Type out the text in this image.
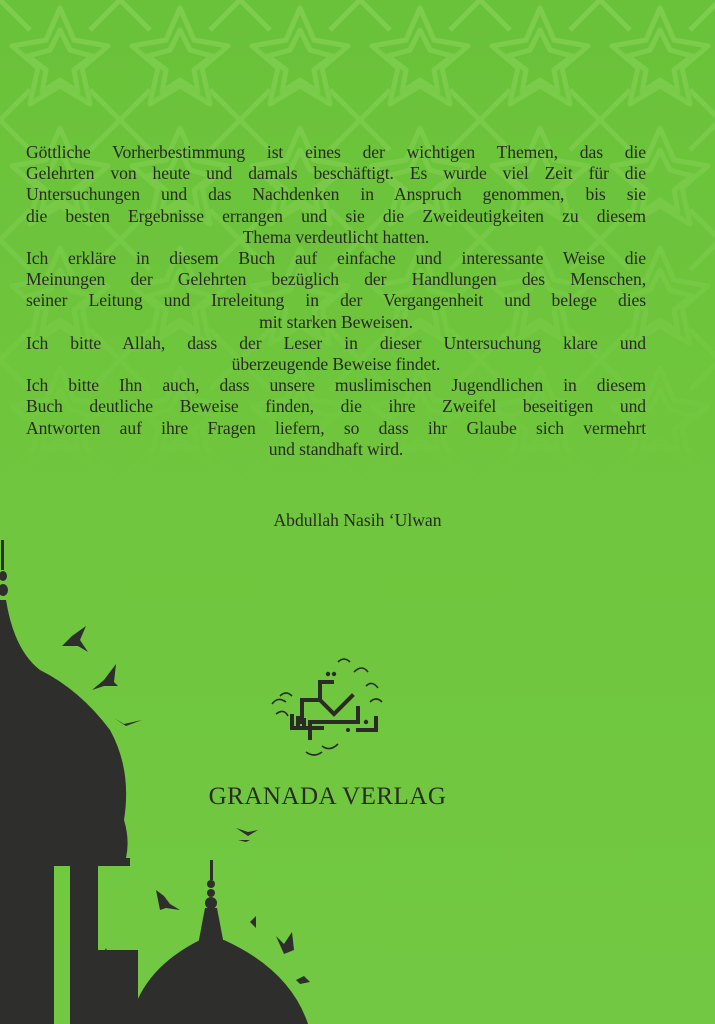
Göttliche Vorherbestimmung ist eines der wichtigen Themen, das die
Gelehrten von heute und damals beschäftigt. Es wurde viel Zeit für die
Untersuchungen und das Nachdenken in Anspruch genommen, bis sie
die besten Ergebnisse errangen und sie die Zweideutigkeiten zu diesem
Thema verdeutlicht hatten.

Ich erkläre in diesem Buch auf einfache und interessante Weise die
Meinungen der Gelehrten bezüglich der Handlungen des Menschen,
seiner Leitung und Irreleitung in der Vergangenheit und belege dies
mit starken Beweisen.

Ich bitte Allah, dass der Leser in dieser Untersuchung klare und
überzeugende Beweise findet.

Ich bitte Ihn auch, dass unsere muslimischen Jugendlichen in diesem
Buch deutliche Beweise finden, die ihre Zweifel beseitigen und
Antworten auf ihre Fragen liefern, so dass ihr Glaube sich vermehrt
und standhaft wird.

Abdullah Nasih ‘Ulwan
GRANADA VERLAG
